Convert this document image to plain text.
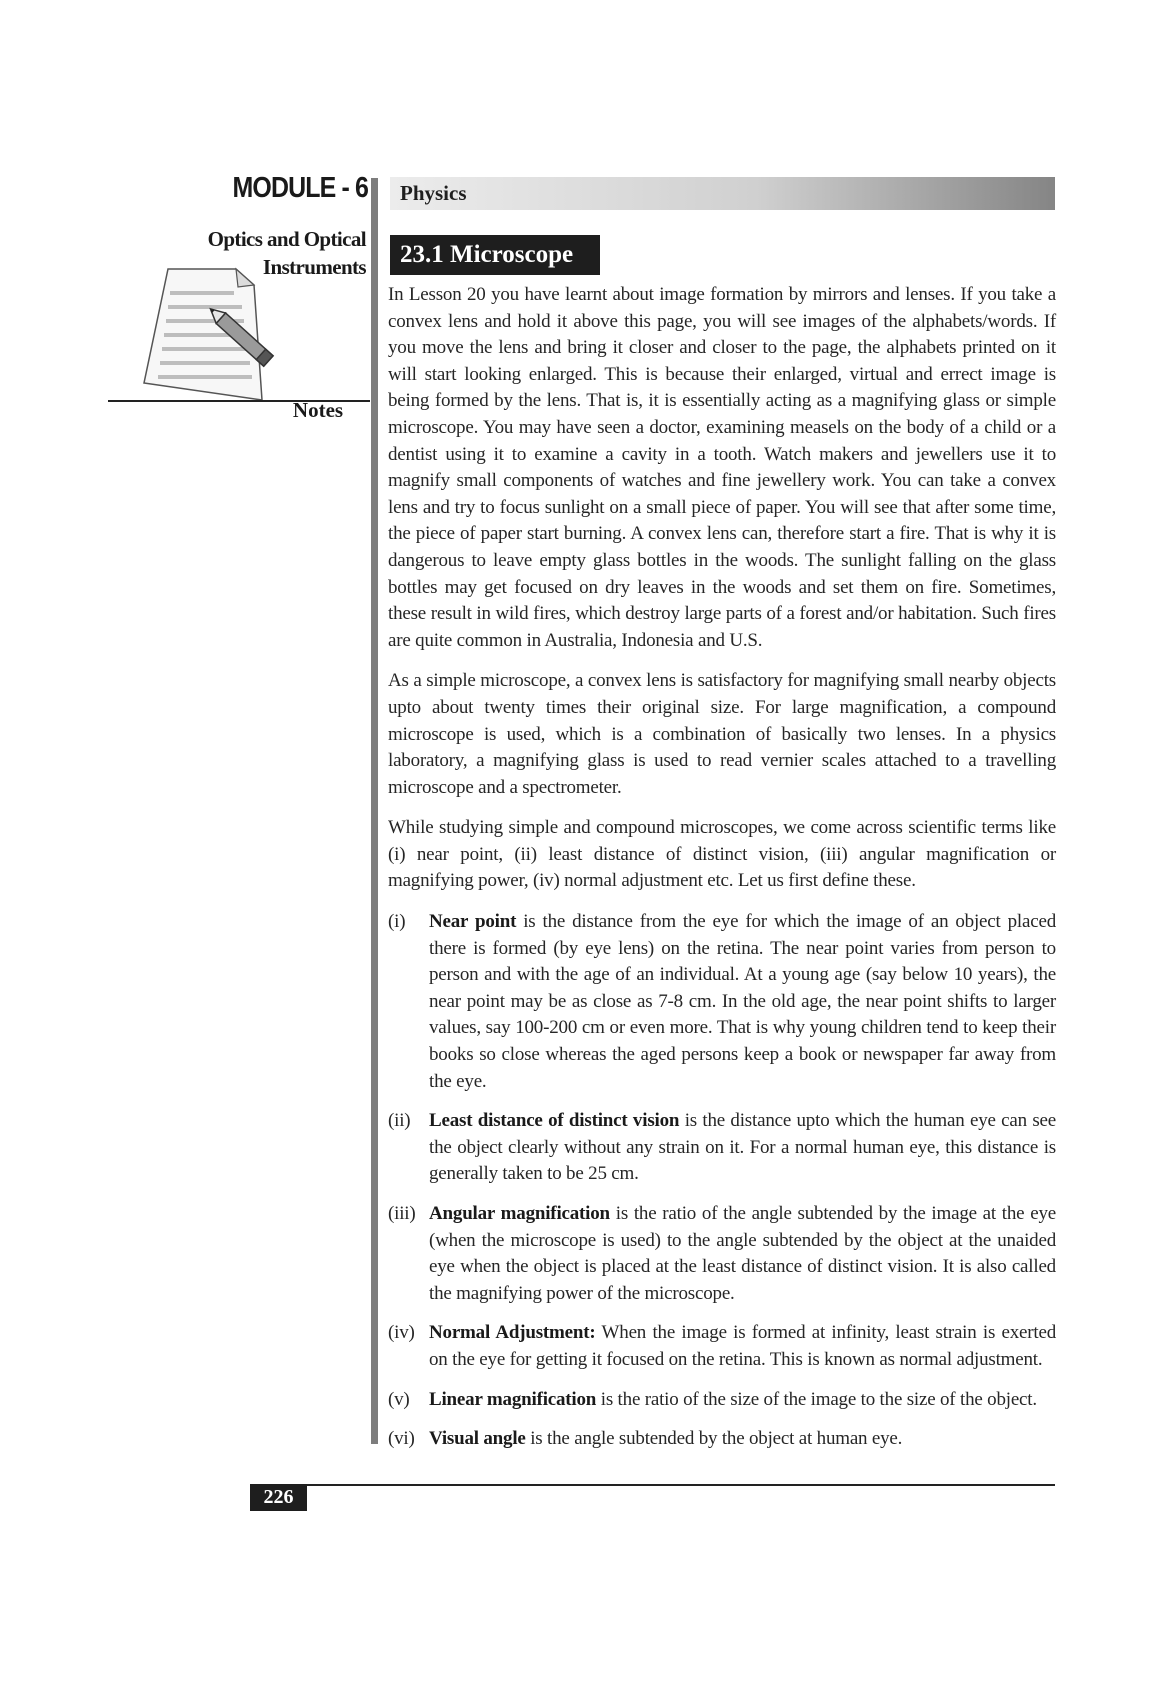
MODULE - 6
Optics and Optical
Instruments
Notes
Physics
23.1 Microscope

In Lesson 20 you have learnt about image formation by mirrors and lenses. If you take a convex lens and hold it above this page, you will see images of the alphabets/words. If you move the lens and bring it closer and closer to the page, the alphabets printed on it will start looking enlarged. This is because their enlarged, virtual and errect image is being formed by the lens. That is, it is essentially acting as a magnifying glass or simple microscope. You may have seen a doctor, examining measels on the body of a child or a dentist using it to examine a cavity in a tooth. Watch makers and jewellers use it to magnify small components of watches and fine jewellery work. You can take a convex lens and try to focus sunlight on a small piece of paper. You will see that after some time, the piece of paper start burning. A convex lens can, therefore start a fire. That is why it is dangerous to leave empty glass bottles in the woods. The sunlight falling on the glass bottles may get focused on dry leaves in the woods and set them on fire. Sometimes, these result in wild fires, which destroy large parts of a forest and/or habitation. Such fires are quite common in Australia, Indonesia and U.S.

As a simple microscope, a convex lens is satisfactory for magnifying small nearby objects upto about twenty times their original size. For large magnification, a compound microscope is used, which is a combination of basically two lenses. In a physics laboratory, a magnifying glass is used to read vernier scales attached to a travelling microscope and a spectrometer.

While studying simple and compound microscopes, we come across scientific terms like (i) near point, (ii) least distance of distinct vision, (iii) angular magnification or magnifying power, (iv) normal adjustment etc. Let us first define these.

(i) Near point is the distance from the eye for which the image of an object placed there is formed (by eye lens) on the retina. The near point varies from person to person and with the age of an individual. At a young age (say below 10 years), the near point may be as close as 7-8 cm. In the old age, the near point shifts to larger values, say 100-200 cm or even more. That is why young children tend to keep their books so close whereas the aged persons keep a book or newspaper far away from the eye.
(ii) Least distance of distinct vision is the distance upto which the human eye can see the object clearly without any strain on it. For a normal human eye, this distance is generally taken to be 25 cm.
(iii) Angular magnification is the ratio of the angle subtended by the image at the eye (when the microscope is used) to the angle subtended by the object at the unaided eye when the object is placed at the least distance of distinct vision. It is also called the magnifying power of the microscope.
(iv) Normal Adjustment: When the image is formed at infinity, least strain is exerted on the eye for getting it focused on the retina. This is known as normal adjustment.
(v) Linear magnification is the ratio of the size of the image to the size of the object.
(vi) Visual angle is the angle subtended by the object at human eye.
226
